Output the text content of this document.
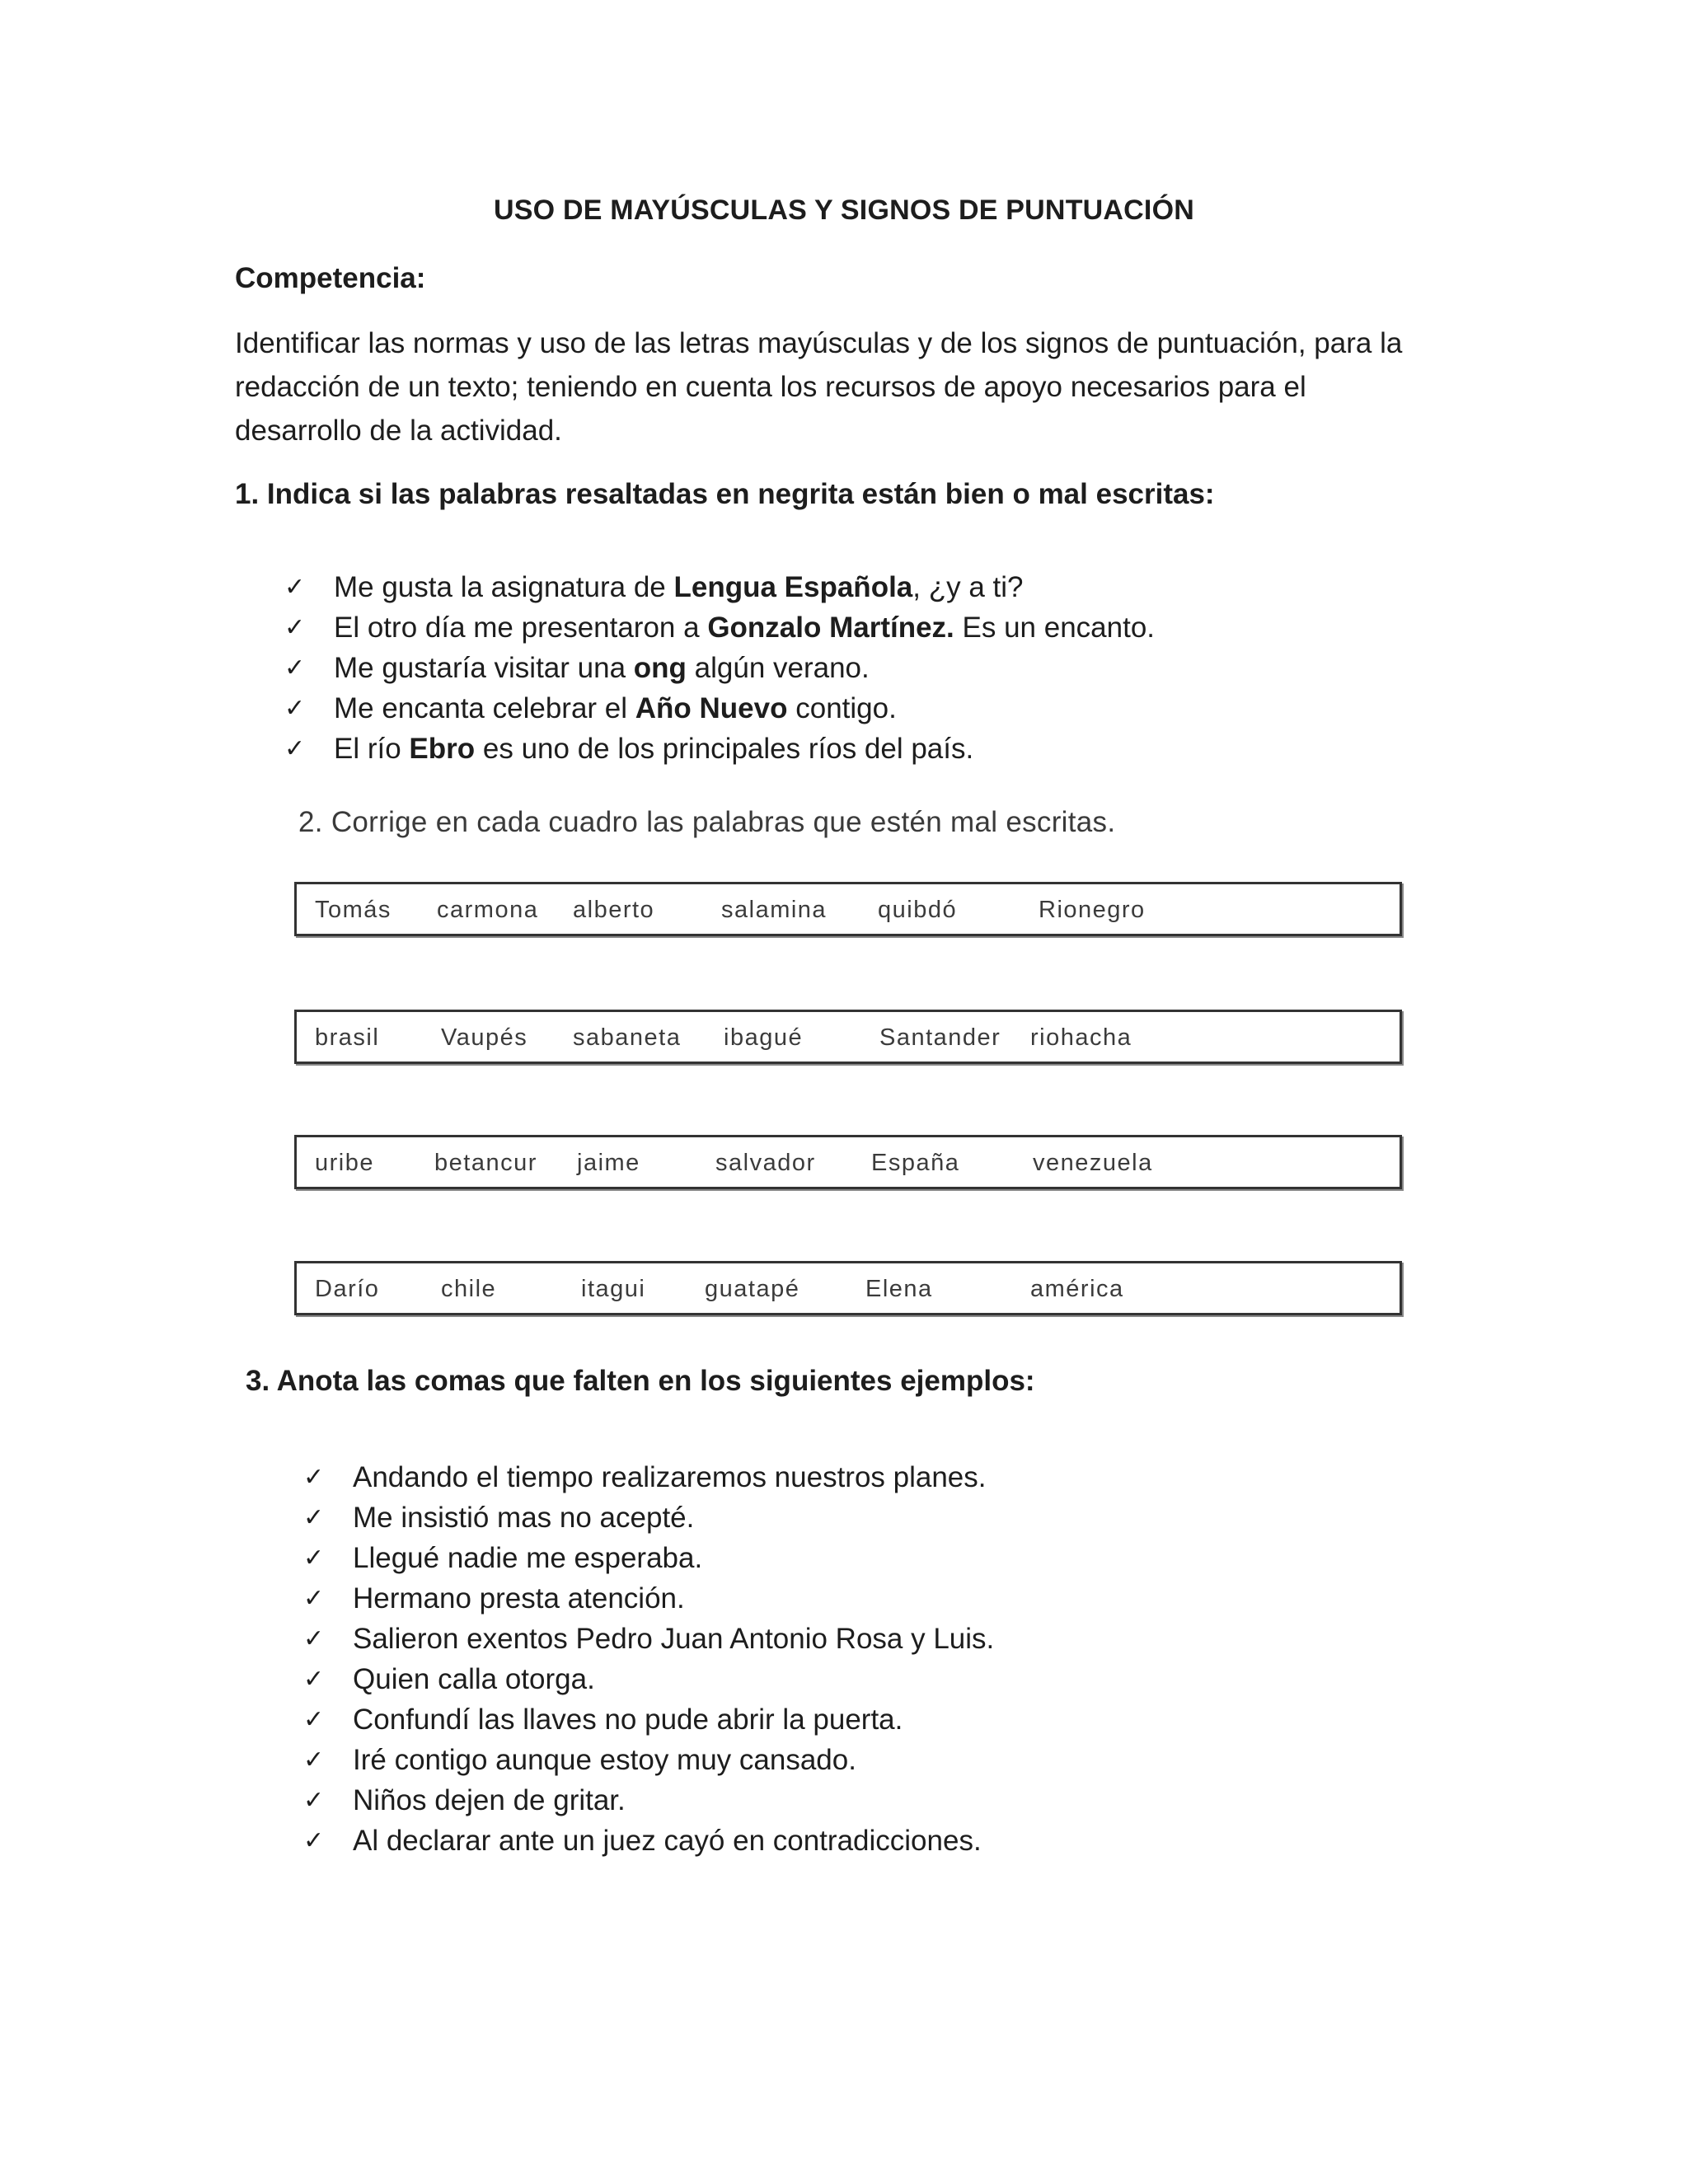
USO DE MAYÚSCULAS Y SIGNOS DE PUNTUACIÓN
Competencia:
Identificar las normas y uso de las letras mayúsculas y de los signos de puntuación, para la
redacción de un texto; teniendo en cuenta los recursos de apoyo necesarios para el
desarrollo de la actividad.
1. Indica si las palabras resaltadas en negrita están bien o mal escritas:
✓ Me gusta la asignatura de Lengua Española, ¿y a ti?
✓ El otro día me presentaron a Gonzalo Martínez. Es un encanto.
✓ Me gustaría visitar una ong algún verano.
✓ Me encanta celebrar el Año Nuevo contigo.
✓ El río Ebro es uno de los principales ríos del país.
2. Corrige en cada cuadro las palabras que estén mal escritas.
Tomás carmona alberto	salamina quibdó	Rionegro
brasil	Vaupés sabaneta ibagué	Santander riohacha
uribe	betancur jaime	salvador España	venezuela
Darío	chile	itagui guatapé	Elena	américa
3. Anota las comas que falten en los siguientes ejemplos:
✓ Andando el tiempo realizaremos nuestros planes.
✓ Me insistió mas no acepté.
✓ Llegué nadie me esperaba.
✓ Hermano presta atención.
✓ Salieron exentos Pedro Juan Antonio Rosa y Luis.
✓ Quien calla otorga.
✓ Confundí las llaves no pude abrir la puerta.
✓ Iré contigo aunque estoy muy cansado.
✓ Niños dejen de gritar.
✓ Al declarar ante un juez cayó en contradicciones.
